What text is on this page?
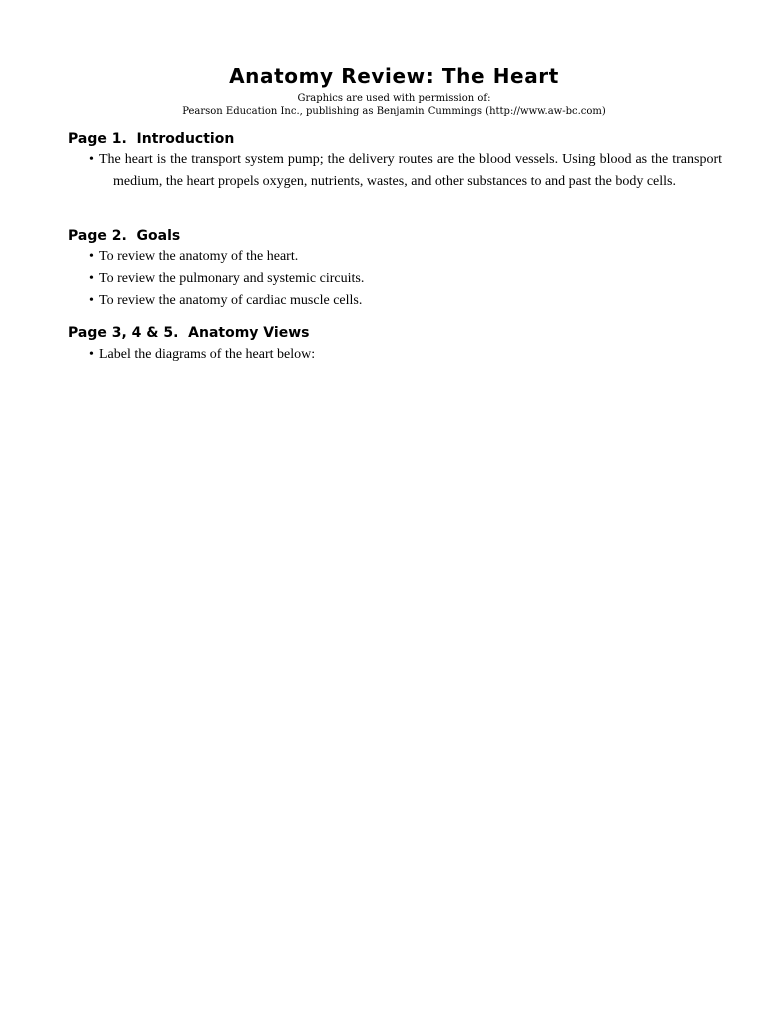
Anatomy Review: The Heart

Graphics are used with permission of:

Pearson Education Inc., publishing as Benjamin Cummings (http://www.aw-bc.com)

Page 1.  Introduction

• The heart is the transport system pump; the delivery routes are the blood vessels. Using blood as the transport medium, the heart propels oxygen, nutrients, wastes, and other substances to and past the body cells.

Page 2.  Goals

• To review the anatomy of the heart.

• To review the pulmonary and systemic circuits.

• To review the anatomy of cardiac muscle cells.

Page 3, 4 & 5.  Anatomy Views

• Label the diagrams of the heart below:
